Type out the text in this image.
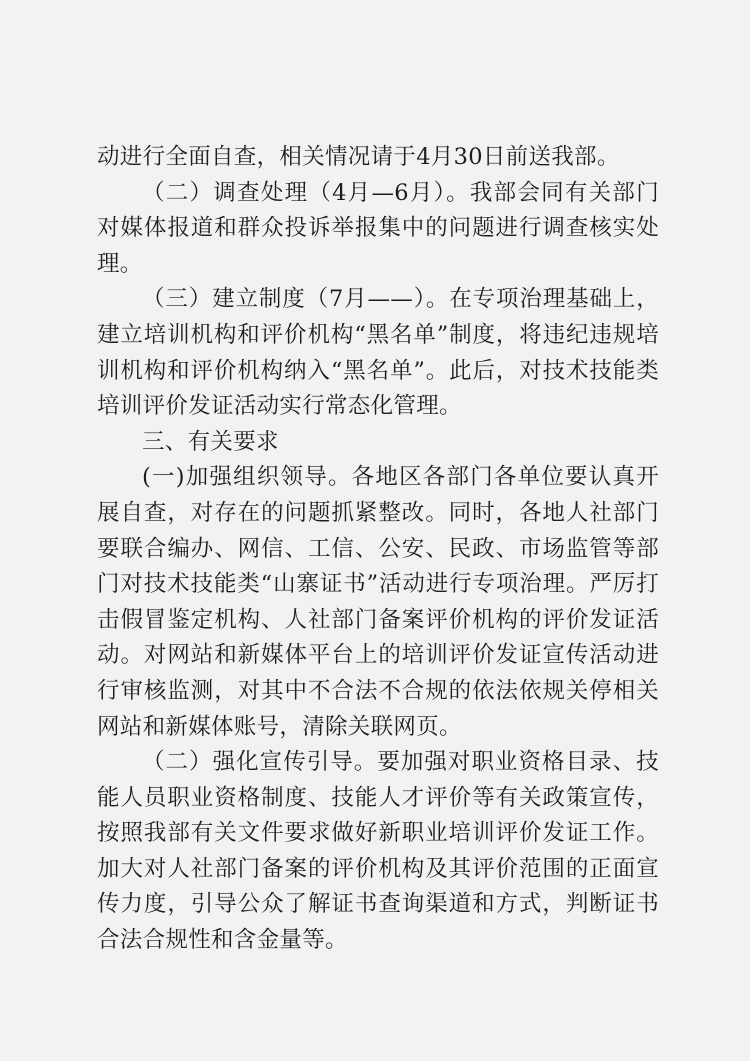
动进行全面自查，相关情况请于4月30日前送我部。

（二）调查处理（4月—6月）。我部会同有关部门对媒体报道和群众投诉举报集中的问题进行调查核实处理。

（三）建立制度（7月——）。在专项治理基础上，建立培训机构和评价机构“黑名单”制度，将违纪违规培训机构和评价机构纳入“黑名单”。此后，对技术技能类培训评价发证活动实行常态化管理。

三、有关要求

(一)加强组织领导。各地区各部门各单位要认真开展自查，对存在的问题抓紧整改。同时，各地人社部门要联合编办、网信、工信、公安、民政、市场监管等部门对技术技能类“山寨证书”活动进行专项治理。严厉打击假冒鉴定机构、人社部门备案评价机构的评价发证活动。对网站和新媒体平台上的培训评价发证宣传活动进行审核监测，对其中不合法不合规的依法依规关停相关网站和新媒体账号，清除关联网页。

（二）强化宣传引导。要加强对职业资格目录、技能人员职业资格制度、技能人才评价等有关政策宣传，按照我部有关文件要求做好新职业培训评价发证工作。加大对人社部门备案的评价机构及其评价范围的正面宣传力度，引导公众了解证书查询渠道和方式，判断证书合法合规性和含金量等。
